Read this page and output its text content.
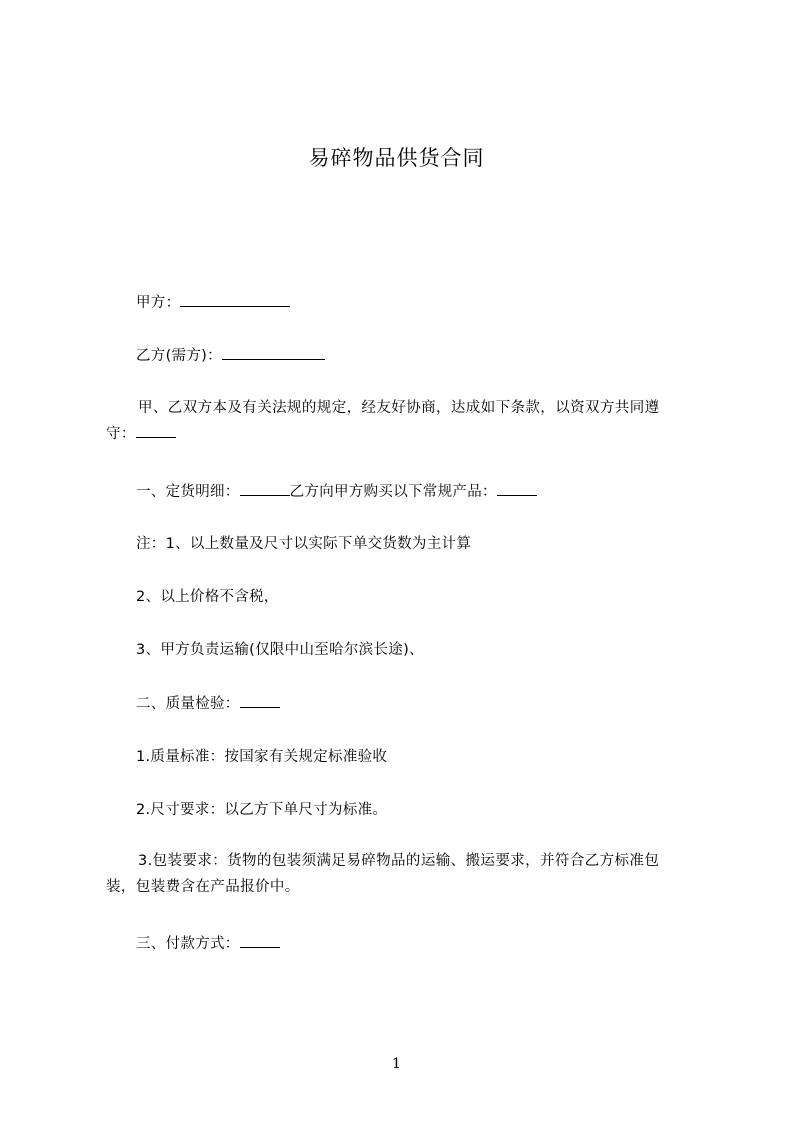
易碎物品供货合同
甲方：
乙方(需方)：
甲、乙双方本及有关法规的规定，经友好协商，达成如下条款，以资双方共同遵
守：
一、定货明细：	乙方向甲方购买以下常规产品：
注：1、以上数量及尺寸以实际下单交货数为主计算
2、以上价格不含税，
3、甲方负责运输(仅限中山至哈尔滨长途)、
二、质量检验：
1.质量标准：按国家有关规定标准验收
2.尺寸要求：以乙方下单尺寸为标准。
3.包装要求：货物的包装须满足易碎物品的运输、搬运要求，并符合乙方标准包
装，包装费含在产品报价中。
三、付款方式：
1
